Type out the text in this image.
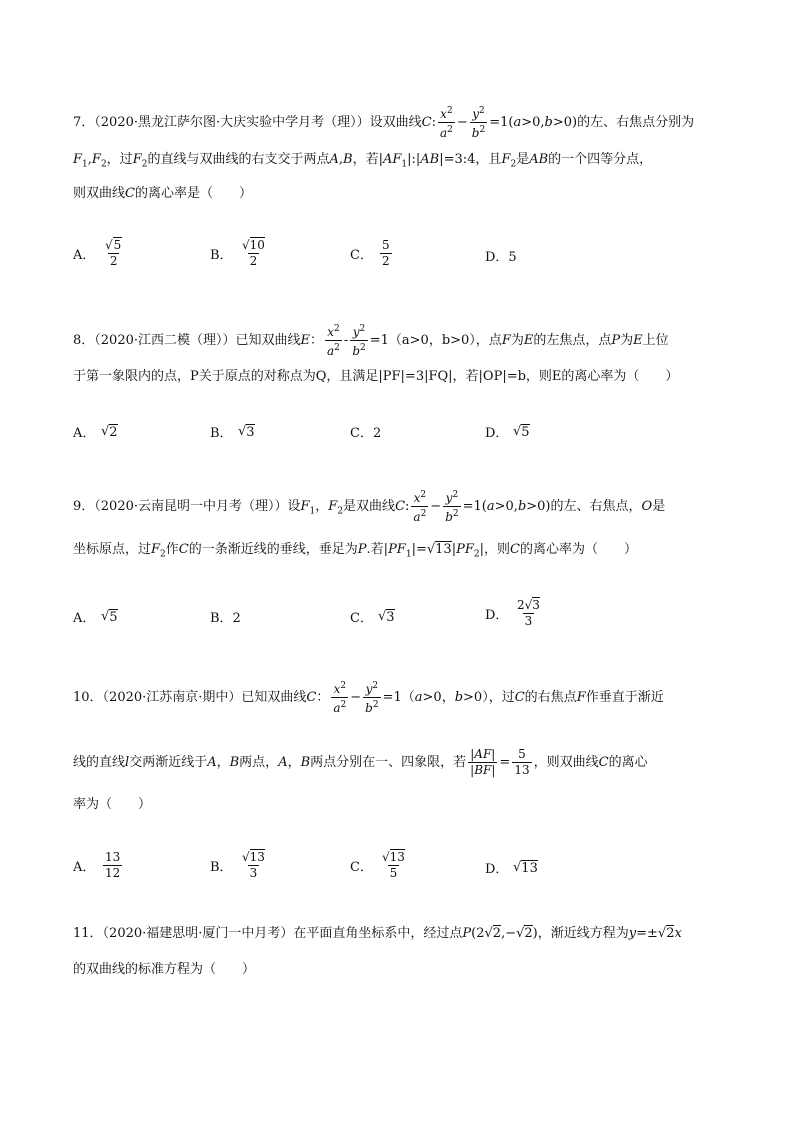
7．（2020·黑龙江萨尔图·大庆实验中学月考（理））设双曲线C: $\frac{x^2}{a^2} - \frac{y^2}{b^2} =1(a>0,b>0)$的左、右焦点分别为
$F_1,F_2$，过$F_2$的直线与双曲线的右支交于两点A,B，若$|AF_1|:|AB|=3:4$，且$F_2$是AB的一个四等分点，
则双曲线C的离心率是（　　）
A． $\frac{√5}{2}$	B． $\frac{√10}{2}$	C． $\frac{5}{2}$	D．5
8．（2020·江西二模（理））已知双曲线E： $\frac{x^2}{a^2} - \frac{y^2}{b^2} =1(a>0$，b>0），点F为E的左焦点，点P为E上位
于第一象限内的点，P关于原点的对称点为Q，且满足|PF|=3|FQ|，若|OP|=b，则E的离心率为（　　）
A． √ 2	B． √ 3	C．2	D． √ 5
9．（2020·云南昆明一中月考（理））设$F_1$，$F_2$是双曲线C: $\frac{x^2}{a^2} - \frac{y^2}{b^2} =1(a>0,b>0)$的左、右焦点，O是
坐标原点，过$F_2$作C的一条渐近线的垂线，垂足为P.若$|PF_1|=√13|PF_2|$，则C的离心率为（　　）
A． √ 5	B．2	C． √ 3	D． $\frac{2√3}{3}$
10．（2020·江苏南京·期中）已知双曲线C： $\frac{x^2}{a^2} - \frac{y^2}{b^2} =1(a>0$，b>0），过C的右焦点F作垂直于渐近
线的直线l交两渐近线于A，B两点，A，B两点分别在一、四象限，若 $\frac{|AF|}{|BF|} = \frac{5}{13}$ ，则双曲线C的离心
率为（　　）
A． $\frac{13}{12}$	B． $\frac{√13}{3}$	C． $\frac{√13}{5}$	D． √ 13
11．（2020·福建思明·厦门一中月考）在平面直角坐标系中，经过点P(2√2,−√2)，渐近线方程为y=±√2x
的双曲线的标准方程为（　　）
